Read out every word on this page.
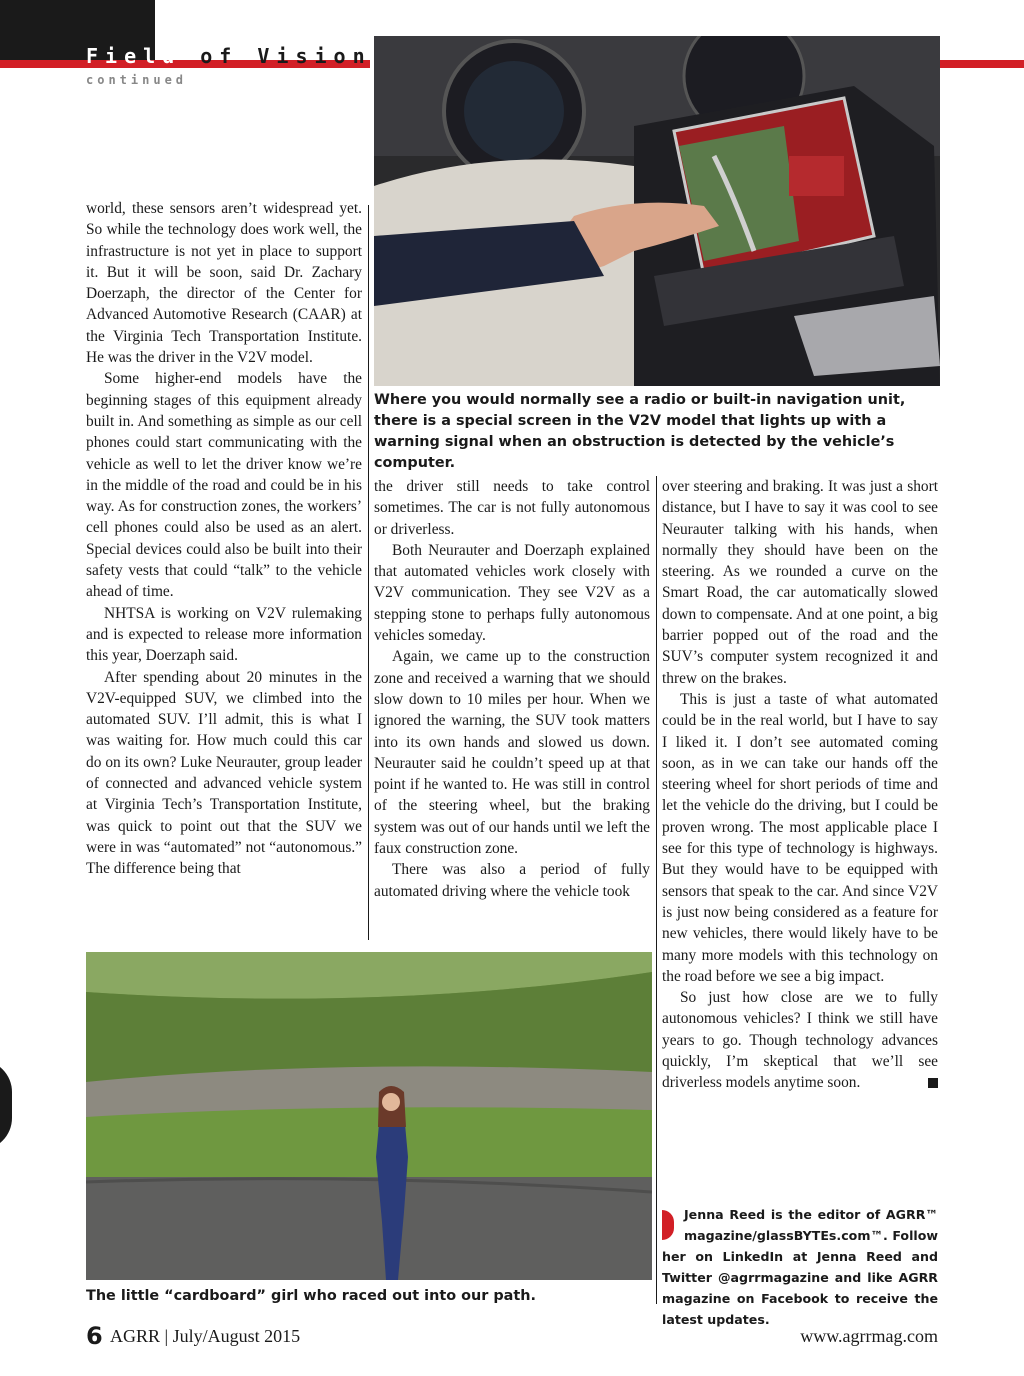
Field of Vision
continued
Where you would normally see a radio or built-in navigation unit, there is a special screen in the V2V model that lights up with a warning signal when an obstruction is detected by the vehicle’s computer.

world, these sensors aren’t widespread yet. So while the technology does work well, the infrastructure is not yet in place to support it. But it will be soon, said Dr. Zachary Doerzaph, the director of the Center for Advanced Automotive Research (CAAR) at the Virginia Tech Transportation Institute. He was the driver in the V2V model.

Some higher-end models have the beginning stages of this equipment already built in. And something as simple as our cell phones could start communicating with the vehicle as well to let the driver know we’re in the middle of the road and could be in his way. As for construction zones, the workers’ cell phones could also be used as an alert. Special devices could also be built into their safety vests that could “talk” to the vehicle ahead of time.

NHTSA is working on V2V rulemaking and is expected to release more information this year, Doerzaph said.

After spending about 20 minutes in the V2V-equipped SUV, we climbed into the automated SUV. I’ll admit, this is what I was waiting for. How much could this car do on its own? Luke Neurauter, group leader of connected and advanced vehicle system at Virginia Tech’s Transportation Institute, was quick to point out that the SUV we were in was “automated” not “autonomous.” The difference being that

the driver still needs to take control sometimes. The car is not fully autonomous or driverless.

Both Neurauter and Doerzaph explained that automated vehicles work closely with V2V communication. They see V2V as a stepping stone to perhaps fully autonomous vehicles someday.

Again, we came up to the construction zone and received a warning that we should slow down to 10 miles per hour. When we ignored the warning, the SUV took matters into its own hands and slowed us down. Neurauter said he couldn’t speed up at that point if he wanted to. He was still in control of the steering wheel, but the braking system was out of our hands until we left the faux construction zone.

There was also a period of fully automated driving where the vehicle took

over steering and braking. It was just a short distance, but I have to say it was cool to see Neurauter talking with his hands, when normally they should have been on the steering. As we rounded a curve on the Smart Road, the car automatically slowed down to compensate. And at one point, a big barrier popped out of the road and the SUV’s computer system recognized it and threw on the brakes.

This is just a taste of what automated could be in the real world, but I have to say I liked it. I don’t see automated coming soon, as in we can take our hands off the steering wheel for short periods of time and let the vehicle do the driving, but I could be proven wrong. The most applicable place I see for this type of technology is highways. But they would have to be equipped with sensors that speak to the car. And since V2V is just now being considered as a feature for new vehicles, there would likely have to be many more models with this technology on the road before we see a big impact.

So just how close are we to fully autonomous vehicles? I think we still have years to go. Though technology advances quickly, I’m skeptical that we’ll see driverless models anytime soon.

The little “cardboard” girl who raced out into our path.
Jenna Reed is the editor of AGRR™ magazine/glassBYTEs.com™. Follow her on LinkedIn at Jenna Reed and Twitter @agrrmagazine and like AGRR magazine on Facebook to receive the latest updates.
6 AGRR | July/August 2015	www.agrrmag.com
